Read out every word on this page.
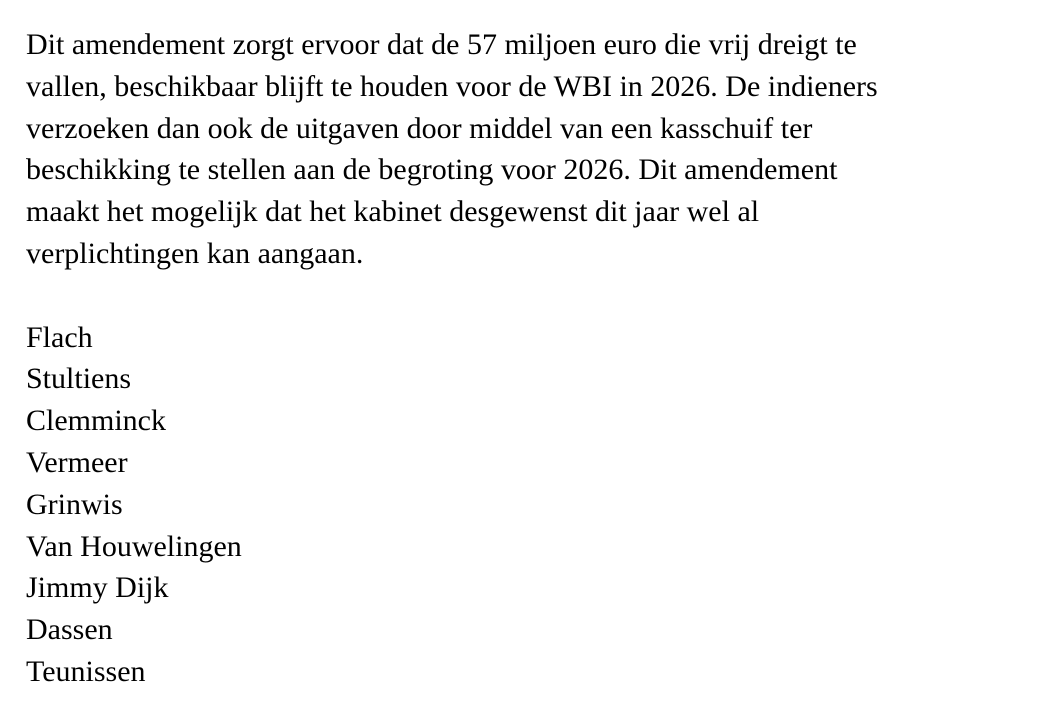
Dit amendement zorgt ervoor dat de 57 miljoen euro die vrij dreigt te
vallen, beschikbaar blijft te houden voor de WBI in 2026. De indieners
verzoeken dan ook de uitgaven door middel van een kasschuif ter
beschikking te stellen aan de begroting voor 2026. Dit amendement
maakt het mogelijk dat het kabinet desgewenst dit jaar wel al
verplichtingen kan aangaan.
Flach
Stultiens
Clemminck
Vermeer
Grinwis
Van Houwelingen
Jimmy Dijk
Dassen
Teunissen
